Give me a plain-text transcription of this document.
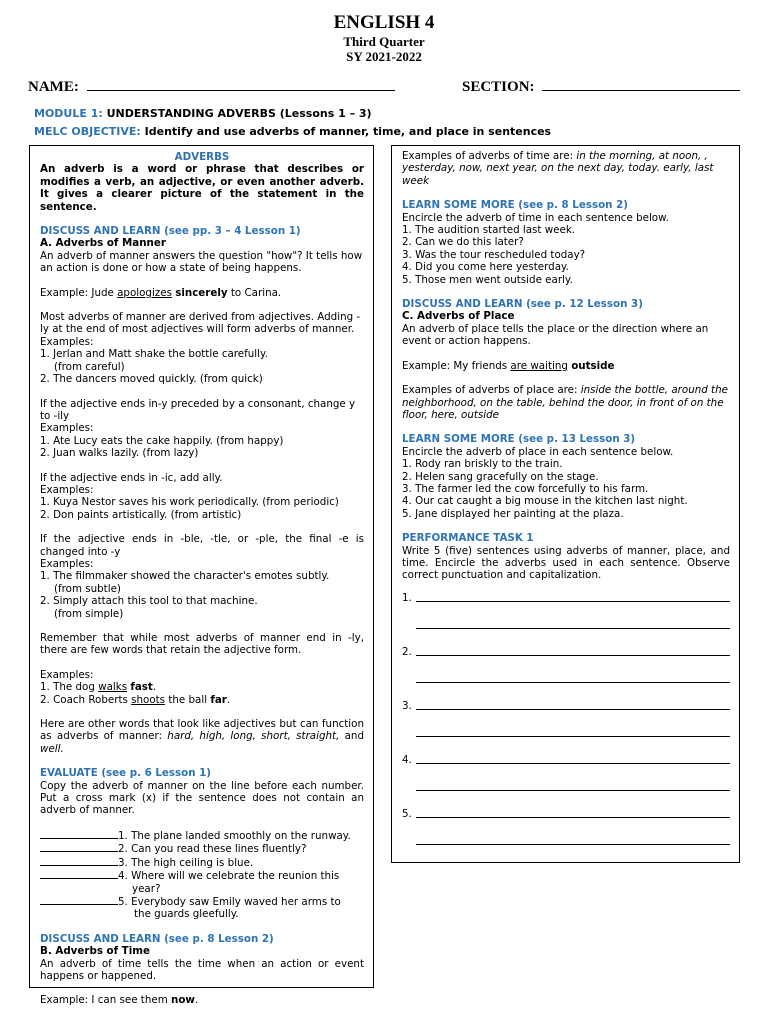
ENGLISH 4
Third Quarter
SY 2021-2022
NAME:	SECTION:
MODULE 1: UNDERSTANDING ADVERBS (Lessons 1 – 3)
MELC OBJECTIVE: Identify and use adverbs of manner, time, and place in sentences

ADVERBS

An adverb is a word or phrase that describes or modifies a verb, an adjective, or even another adverb. It gives a clearer picture of the statement in the sentence.

DISCUSS AND LEARN (see pp. 3 – 4 Lesson 1)

A. Adverbs of Manner

An adverb of manner answers the question "how"? It tells how an action is done or how a state of being happens.

Example: Jude apologizes sincerely to Carina.

Most adverbs of manner are derived from adjectives. Adding -ly at the end of most adjectives will form adverbs of manner.

Examples:

1. Jerlan and Matt shake the bottle carefully.

(from careful)

2. The dancers moved quickly. (from quick)

If the adjective ends in-y preceded by a consonant, change y to -ily

Examples:

1. Ate Lucy eats the cake happily. (from happy)

2. Juan walks lazily. (from lazy)

If the adjective ends in -ic, add ally.

Examples:

1. Kuya Nestor saves his work periodically. (from periodic)

2. Don paints artistically. (from artistic)

If the adjective ends in -ble, -tle, or -ple, the final -e is changed into -y

Examples:

1. The filmmaker showed the character's emotes subtly.

(from subtle)

2. Simply attach this tool to that machine.

(from simple)

Remember that while most adverbs of manner end in -ly, there are few words that retain the adjective form.

Examples:

1. The dog walks fast.

2. Coach Roberts shoots the ball far.

Here are other words that look like adjectives but can function as adverbs of manner: hard, high, long, short, straight, and well.

EVALUATE (see p. 6 Lesson 1)

Copy the adverb of manner on the line before each number. Put a cross mark (x) if the sentence does not contain an adverb of manner.

1. The plane landed smoothly on the runway.

2. Can you read these lines fluently?

3. The high ceiling is blue.

4. Where will we celebrate the reunion this

year?

5. Everybody saw Emily waved her arms to

the guards gleefully.

DISCUSS AND LEARN (see p. 8 Lesson 2)

B. Adverbs of Time

An adverb of time tells the time when an action or event happens or happened.

Example: I can see them now.

Examples of adverbs of time are: in the morning, at noon, , yesterday, now, next year, on the next day, today. early, last week

LEARN SOME MORE (see p. 8 Lesson 2)

Encircle the adverb of time in each sentence below.

1. The audition started last week.

2. Can we do this later?

3. Was the tour rescheduled today?

4. Did you come here yesterday.

5. Those men went outside early.

DISCUSS AND LEARN (see p. 12 Lesson 3)

C. Adverbs of Place

An adverb of place tells the place or the direction where an event or action happens.

Example: My friends are waiting outside

Examples of adverbs of place are: inside the bottle, around the neighborhood, on the table, behind the door, in front of on the floor, here, outside

LEARN SOME MORE (see p. 13 Lesson 3)

Encircle the adverb of place in each sentence below.

1. Rody ran briskly to the train.

2. Helen sang gracefully on the stage.

3. The farmer led the cow forcefully to his farm.

4. Our cat caught a big mouse in the kitchen last night.

5. Jane displayed her painting at the plaza.

PERFORMANCE TASK 1

Write 5 (five) sentences using adverbs of manner, place, and time. Encircle the adverbs used in each sentence. Observe correct punctuation and capitalization.

1.
2.
3.
4.
5.
